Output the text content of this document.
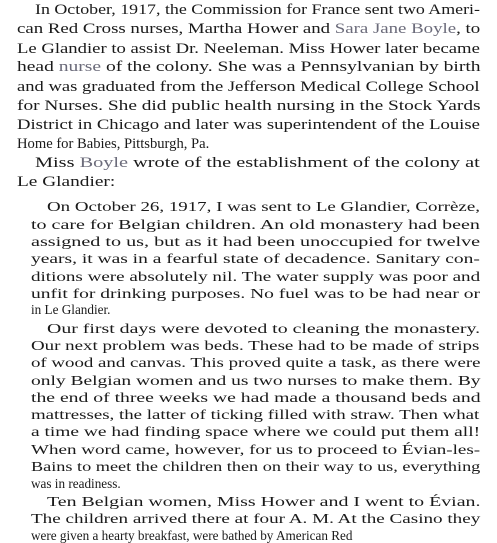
In October, 1917, the Commission for France sent two Ameri-
can Red Cross nurses, Martha Hower and Sara Jane Boyle, to
Le Glandier to assist Dr. Neeleman. Miss Hower later became
head nurse of the colony. She was a Pennsylvanian by birth
and was graduated from the Jefferson Medical College School
for Nurses. She did public health nursing in the Stock Yards
District in Chicago and later was superintendent of the Louise
Home for Babies, Pittsburgh, Pa.
Miss Boyle wrote of the establishment of the colony at
Le Glandier:
On October 26, 1917, I was sent to Le Glandier, Corrèze,
to care for Belgian children. An old monastery had been
assigned to us, but as it had been unoccupied for twelve
years, it was in a fearful state of decadence. Sanitary con-
ditions were absolutely nil. The water supply was poor and
unfit for drinking purposes. No fuel was to be had near or
in Le Glandier.
Our first days were devoted to cleaning the monastery.
Our next problem was beds. These had to be made of strips
of wood and canvas. This proved quite a task, as there were
only Belgian women and us two nurses to make them. By
the end of three weeks we had made a thousand beds and
mattresses, the latter of ticking filled with straw. Then what
a time we had finding space where we could put them all!
When word came, however, for us to proceed to Évian-les-
Bains to meet the children then on their way to us, everything
was in readiness.
Ten Belgian women, Miss Hower and I went to Évian.
The children arrived there at four A. M. At the Casino they
were given a hearty breakfast, were bathed by American Red
